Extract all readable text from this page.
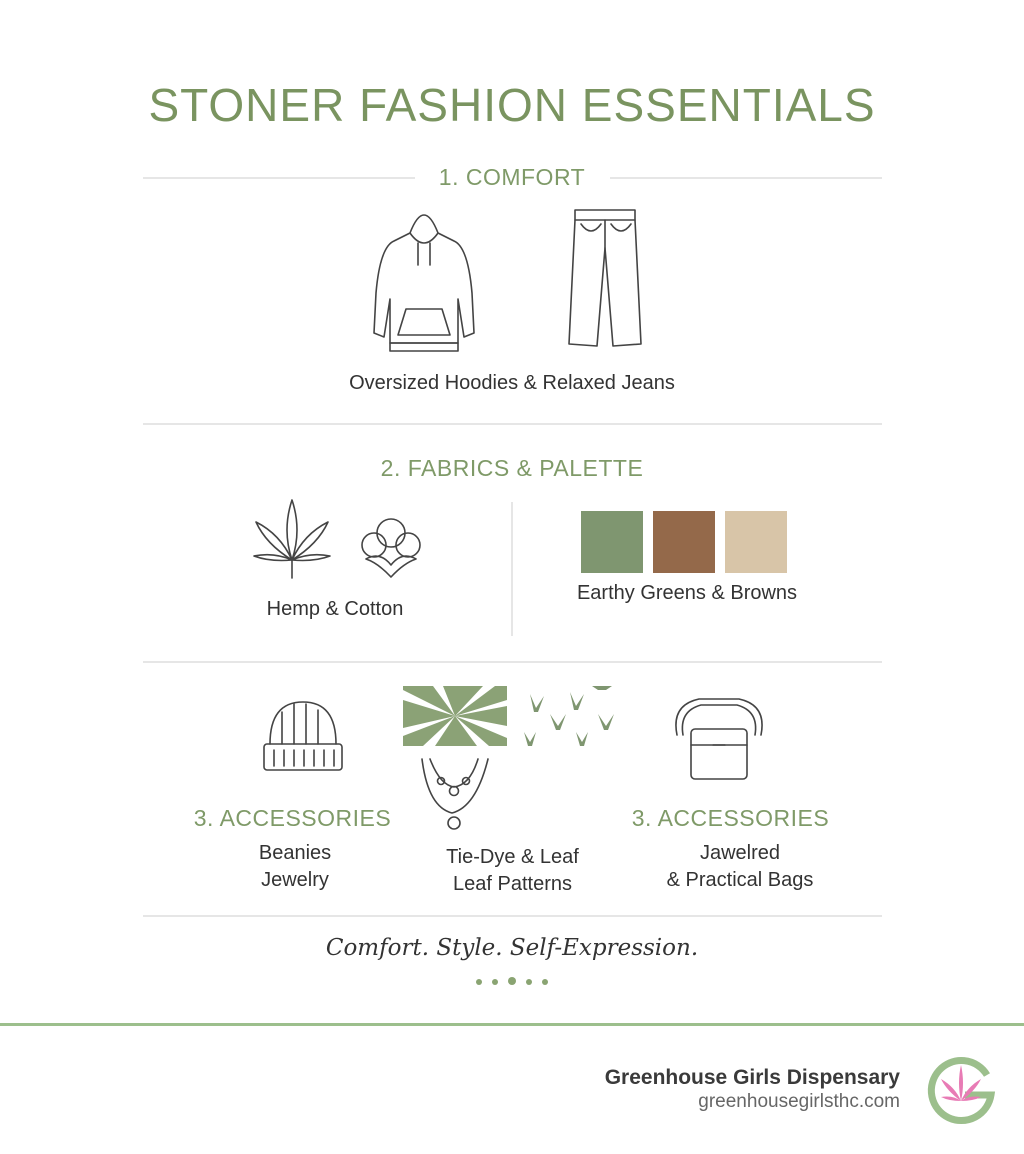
STONER FASHION ESSENTIALS
1. COMFORT
Oversized Hoodies & Relaxed Jeans
2. FABRICS & PALETTE
Hemp & Cotton
Earthy Greens & Browns
3. ACCESSORIES
Beanies
Jewelry
Tie-Dye & Leaf
Leaf Patterns
3. ACCESSORIES
Jawelred
& Practical Bags
Comfort. Style. Self-Expression.
Greenhouse Girls Dispensary
greenhousegirlsthc.com
